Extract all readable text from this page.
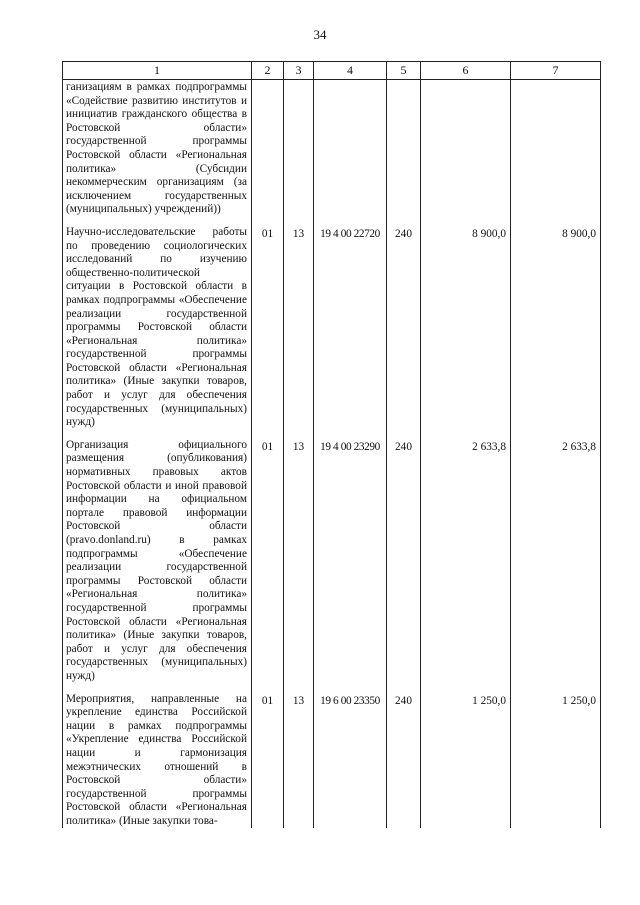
34
1	2	3	4	5	6	7
ганизациям в рамках подпрограммы «Содействие развитию институтов и инициатив гражданского общества в Ростовской области» государственной программы Ростовской области «Региональная политика» (Субсидии некоммерческим организациям (за исключением государственных (муниципальных) учреждений))						
Научно-исследовательские работы по проведению социологических исследований по изучению общественно-политической ситуации в Ростовской области в рамках подпрограммы «Обеспечение реализации государственной программы Ростовской области «Региональная политика» государственной программы Ростовской области «Региональная политика» (Иные закупки товаров, работ и услуг для обеспечения государственных (муниципальных) нужд)	01	13	19 4 00 22720	240	8 900,0	8 900,0
Организация официального размещения (опубликования) нормативных правовых актов Ростовской области и иной правовой информации на официальном портале правовой информации Ростовской области (pravo.donland.ru) в рамках подпрограммы «Обеспечение реализации государственной программы Ростовской области «Региональная политика» государственной программы Ростовской области «Региональная политика» (Иные закупки товаров, работ и услуг для обеспечения государственных (муниципальных) нужд)	01	13	19 4 00 23290	240	2 633,8	2 633,8
Мероприятия, направленные на укрепление единства Российской нации в рамках подпрограммы «Укрепление единства Российской нации и гармонизация межэтнических отношений в Ростовской области» государственной программы Ростовской области «Региональная политика» (Иные закупки това-	01	13	19 6 00 23350	240	1 250,0	1 250,0
